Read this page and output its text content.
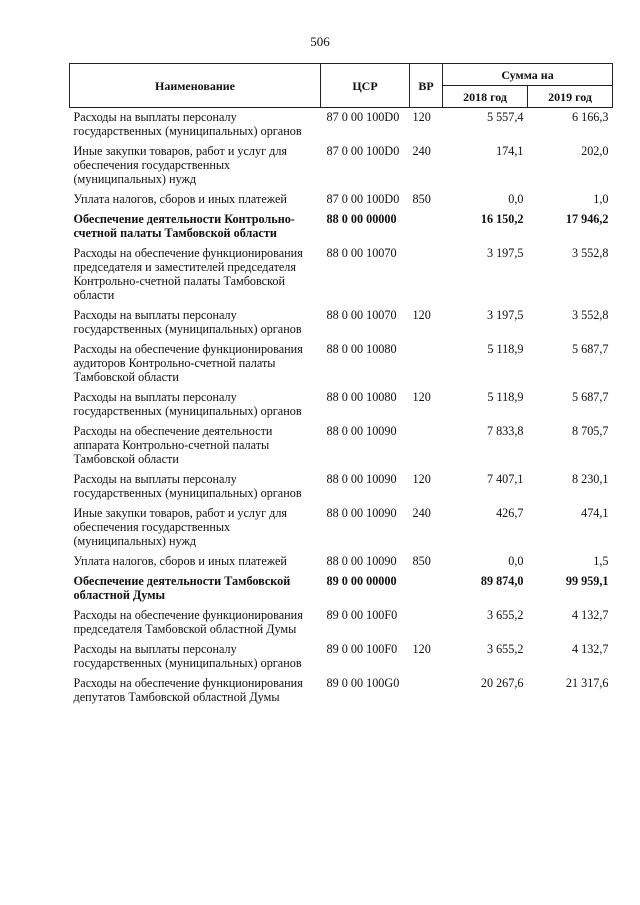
506
Наименование	ЦСР	ВР	Сумма на	
			2018 год	2019 год
Расходы на выплаты персоналу государственных (муниципальных) органов	87 0 00 100D0	120	5 557,4	6 166,3
Иные закупки товаров, работ и услуг для обеспечения государственных (муниципальных) нужд	87 0 00 100D0	240	174,1	202,0
Уплата налогов, сборов и иных платежей	87 0 00 100D0	850	0,0	1,0
Обеспечение деятельности Контрольно-счетной палаты Тамбовской области	88 0 00 00000		16 150,2	17 946,2
Расходы на обеспечение функционирования председателя и заместителей председателя Контрольно-счетной палаты Тамбовской области	88 0 00 10070		3 197,5	3 552,8
Расходы на выплаты персоналу государственных (муниципальных) органов	88 0 00 10070	120	3 197,5	3 552,8
Расходы на обеспечение функционирования аудиторов Контрольно-счетной палаты Тамбовской области	88 0 00 10080		5 118,9	5 687,7
Расходы на выплаты персоналу государственных (муниципальных) органов	88 0 00 10080	120	5 118,9	5 687,7
Расходы на обеспечение деятельности аппарата Контрольно-счетной палаты Тамбовской области	88 0 00 10090		7 833,8	8 705,7
Расходы на выплаты персоналу государственных (муниципальных) органов	88 0 00 10090	120	7 407,1	8 230,1
Иные закупки товаров, работ и услуг для обеспечения государственных (муниципальных) нужд	88 0 00 10090	240	426,7	474,1
Уплата налогов, сборов и иных платежей	88 0 00 10090	850	0,0	1,5
Обеспечение деятельности Тамбовской областной Думы	89 0 00 00000		89 874,0	99 959,1
Расходы на обеспечение функционирования председателя Тамбовской областной Думы	89 0 00 100F0		3 655,2	4 132,7
Расходы на выплаты персоналу государственных (муниципальных) органов	89 0 00 100F0	120	3 655,2	4 132,7
Расходы на обеспечение функционирования депутатов Тамбовской областной Думы	89 0 00 100G0		20 267,6	21 317,6
